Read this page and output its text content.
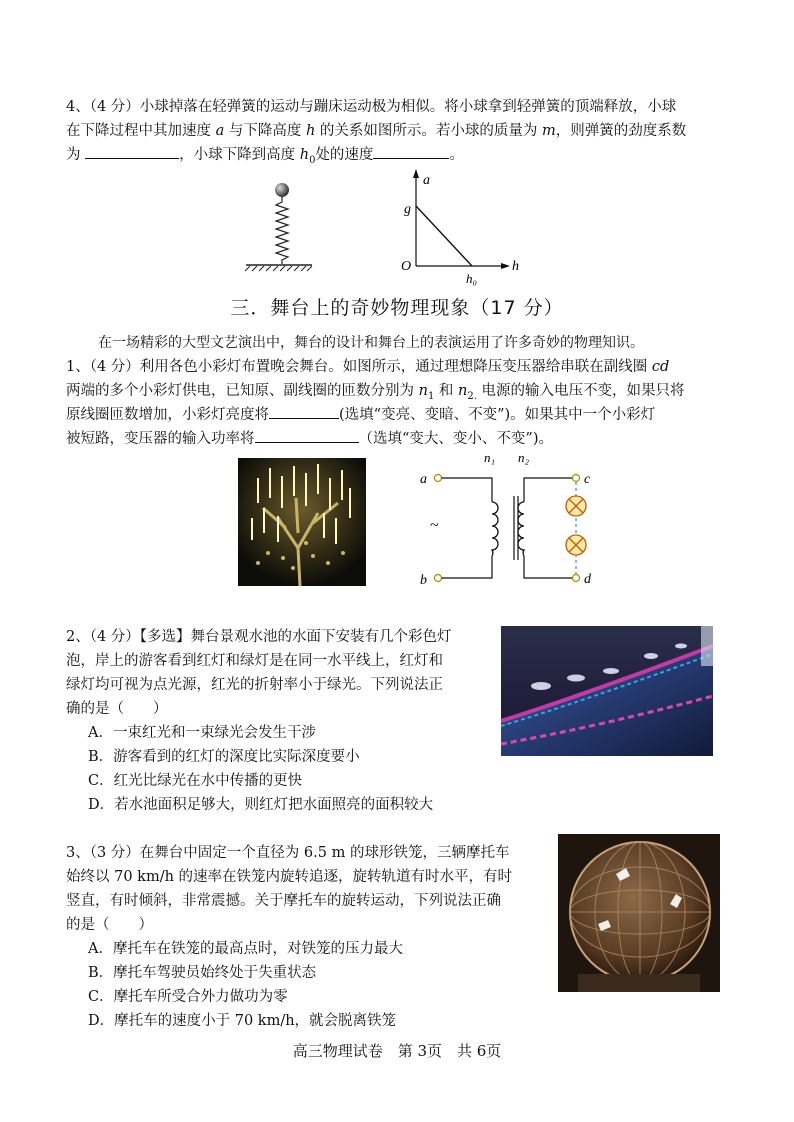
4、（4 分）小球掉落在轻弹簧的运动与蹦床运动极为相似。将小球拿到轻弹簧的顶端释放，小球
在下降过程中其加速度 a 与下降高度 h 的关系如图所示。若小球的质量为 m，则弹簧的劲度系数
为	，小球下降到高度 $h_0$处的速度	。
a
g
O
h₀
h
三．舞台上的奇妙物理现象（17 分）
在一场精彩的大型文艺演出中，舞台的设计和舞台上的表演运用了许多奇妙的物理知识。
1、（4 分）利用各色小彩灯布置晚会舞台。如图所示，通过理想降压变压器给串联在副线圈 cd
两端的多个小彩灯供电，已知原、副线圈的匝数分别为 $n_1$ 和 $n_{2.}$ 电源的输入电压不变，如果只将
原线圈匝数增加，小彩灯亮度将	(选填“变亮、变暗、不变”)。如果其中一个小彩灯
被短路，变压器的输入功率将	（选填“变大、变小、不变”)。
n₁ n₂
a
b
~
c
d
2、（4 分）【多选】舞台景观水池的水面下安装有几个彩色灯
泡，岸上的游客看到红灯和绿灯是在同一水平线上，红灯和
绿灯均可视为点光源，红光的折射率小于绿光。下列说法正
确的是（　　）
A．一束红光和一束绿光会发生干涉
B．游客看到的红灯的深度比实际深度要小
C．红光比绿光在水中传播的更快
D．若水池面积足够大，则红灯把水面照亮的面积较大
3、（3 分）在舞台中固定一个直径为 6.5 m 的球形铁笼，三辆摩托车
始终以 70 km/h 的速率在铁笼内旋转追逐，旋转轨道有时水平，有时
竖直，有时倾斜，非常震撼。关于摩托车的旋转运动，下列说法正确
的是（　　）
A．摩托车在铁笼的最高点时，对铁笼的压力最大
B．摩托车驾驶员始终处于失重状态
C．摩托车所受合外力做功为零
D．摩托车的速度小于 70 km/h，就会脱离铁笼
高三物理试卷　第 3页　共 6页
